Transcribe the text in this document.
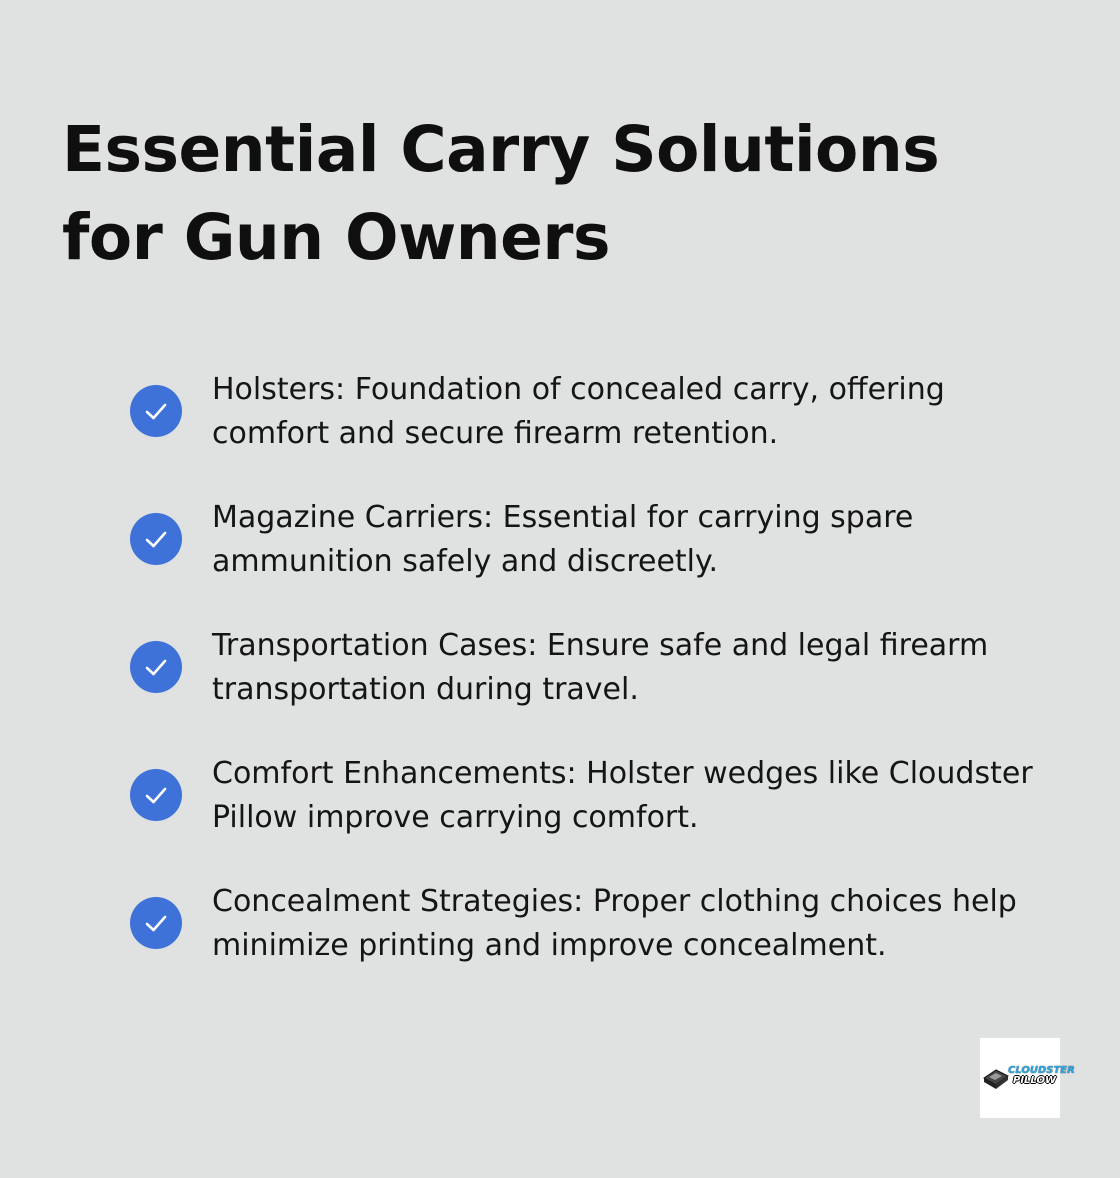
Essential Carry Solutions for Gun Owners
Holsters: Foundation of concealed carry, offering comfort and secure firearm retention.
Magazine Carriers: Essential for carrying spare ammunition safely and discreetly.
Transportation Cases: Ensure safe and legal firearm transportation during travel.
Comfort Enhancements: Holster wedges like Cloudster Pillow improve carrying comfort.
Concealment Strategies: Proper clothing choices help minimize printing and improve concealment.
CLOUDSTER
PILLOW
